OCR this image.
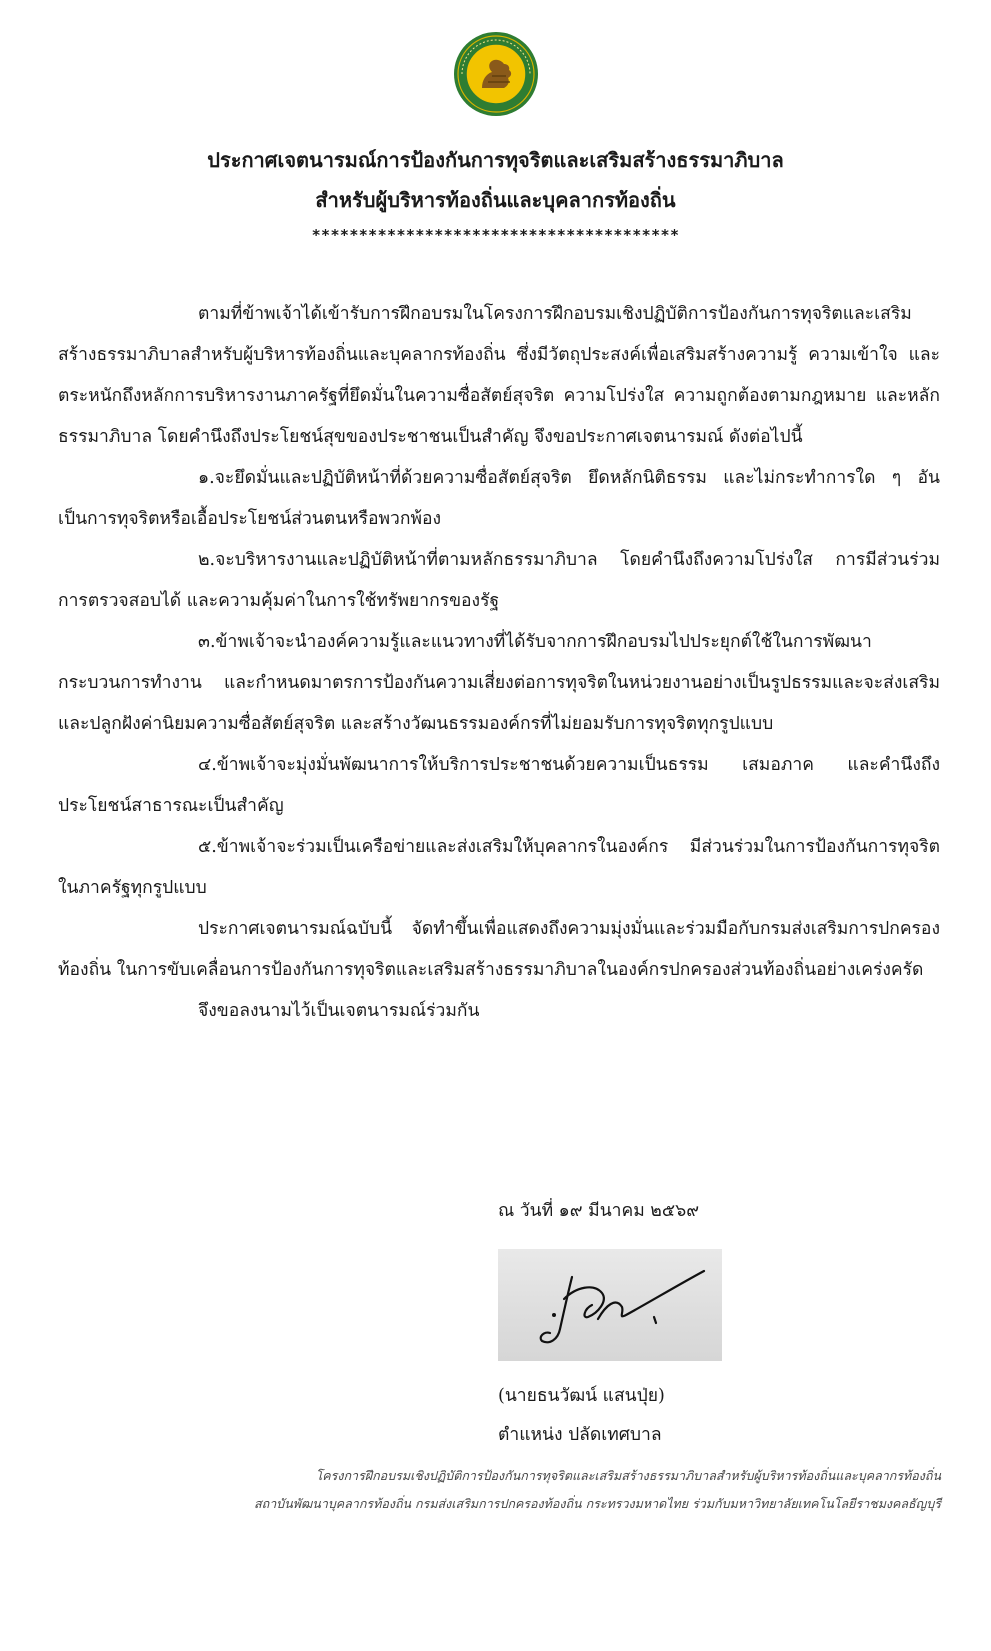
ประกาศเจตนารมณ์การป้องกันการทุจริตและเสริมสร้างธรรมาภิบาล
สำหรับผู้บริหารท้องถิ่นและบุคลากรท้องถิ่น
***************************************

ตามที่ข้าพเจ้าได้เข้ารับการฝึกอบรมในโครงการฝึกอบรมเชิงปฏิบัติการป้องกันการทุจริตและเสริมสร้างธรรมาภิบาลสำหรับผู้บริหารท้องถิ่นและบุคลากรท้องถิ่น ซึ่งมีวัตถุประสงค์เพื่อเสริมสร้างความรู้ ความเข้าใจ และตระหนักถึงหลักการบริหารงานภาครัฐที่ยึดมั่นในความซื่อสัตย์สุจริต ความโปร่งใส ความถูกต้องตามกฎหมาย และหลักธรรมาภิบาล โดยคำนึงถึงประโยชน์สุขของประชาชนเป็นสำคัญ จึงขอประกาศเจตนารมณ์ ดังต่อไปนี้

๑.จะยึดมั่นและปฏิบัติหน้าที่ด้วยความซื่อสัตย์สุจริต ยึดหลักนิติธรรม และไม่กระทำการใด ๆ อันเป็นการทุจริตหรือเอื้อประโยชน์ส่วนตนหรือพวกพ้อง

๒.จะบริหารงานและปฏิบัติหน้าที่ตามหลักธรรมาภิบาล โดยคำนึงถึงความโปร่งใส การมีส่วนร่วม การตรวจสอบได้ และความคุ้มค่าในการใช้ทรัพยากรของรัฐ

๓.ข้าพเจ้าจะนำองค์ความรู้และแนวทางที่ได้รับจากการฝึกอบรมไปประยุกต์ใช้ในการพัฒนากระบวนการทำงาน และกำหนดมาตรการป้องกันความเสี่ยงต่อการทุจริตในหน่วยงานอย่างเป็นรูปธรรมและจะส่งเสริมและปลูกฝังค่านิยมความซื่อสัตย์สุจริต และสร้างวัฒนธรรมองค์กรที่ไม่ยอมรับการทุจริตทุกรูปแบบ

๔.ข้าพเจ้าจะมุ่งมั่นพัฒนาการให้บริการประชาชนด้วยความเป็นธรรม เสมอภาค และคำนึงถึงประโยชน์สาธารณะเป็นสำคัญ

๕.ข้าพเจ้าจะร่วมเป็นเครือข่ายและส่งเสริมให้บุคลากรในองค์กร มีส่วนร่วมในการป้องกันการทุจริตในภาครัฐทุกรูปแบบ

ประกาศเจตนารมณ์ฉบับนี้ จัดทำขึ้นเพื่อแสดงถึงความมุ่งมั่นและร่วมมือกับกรมส่งเสริมการปกครองท้องถิ่น ในการขับเคลื่อนการป้องกันการทุจริตและเสริมสร้างธรรมาภิบาลในองค์กรปกครองส่วนท้องถิ่นอย่างเคร่งครัด

จึงขอลงนามไว้เป็นเจตนารมณ์ร่วมกัน

ณ วันที่ ๑๙ มีนาคม ๒๕๖๙
(นายธนวัฒน์ แสนปุ่ย)
ตำแหน่ง ปลัดเทศบาล
โครงการฝึกอบรมเชิงปฏิบัติการป้องกันการทุจริตและเสริมสร้างธรรมาภิบาลสำหรับผู้บริหารท้องถิ่นและบุคลากรท้องถิ่น
สถาบันพัฒนาบุคลากรท้องถิ่น กรมส่งเสริมการปกครองท้องถิ่น กระทรวงมหาดไทย ร่วมกับมหาวิทยาลัยเทคโนโลยีราชมงคลธัญบุรี
